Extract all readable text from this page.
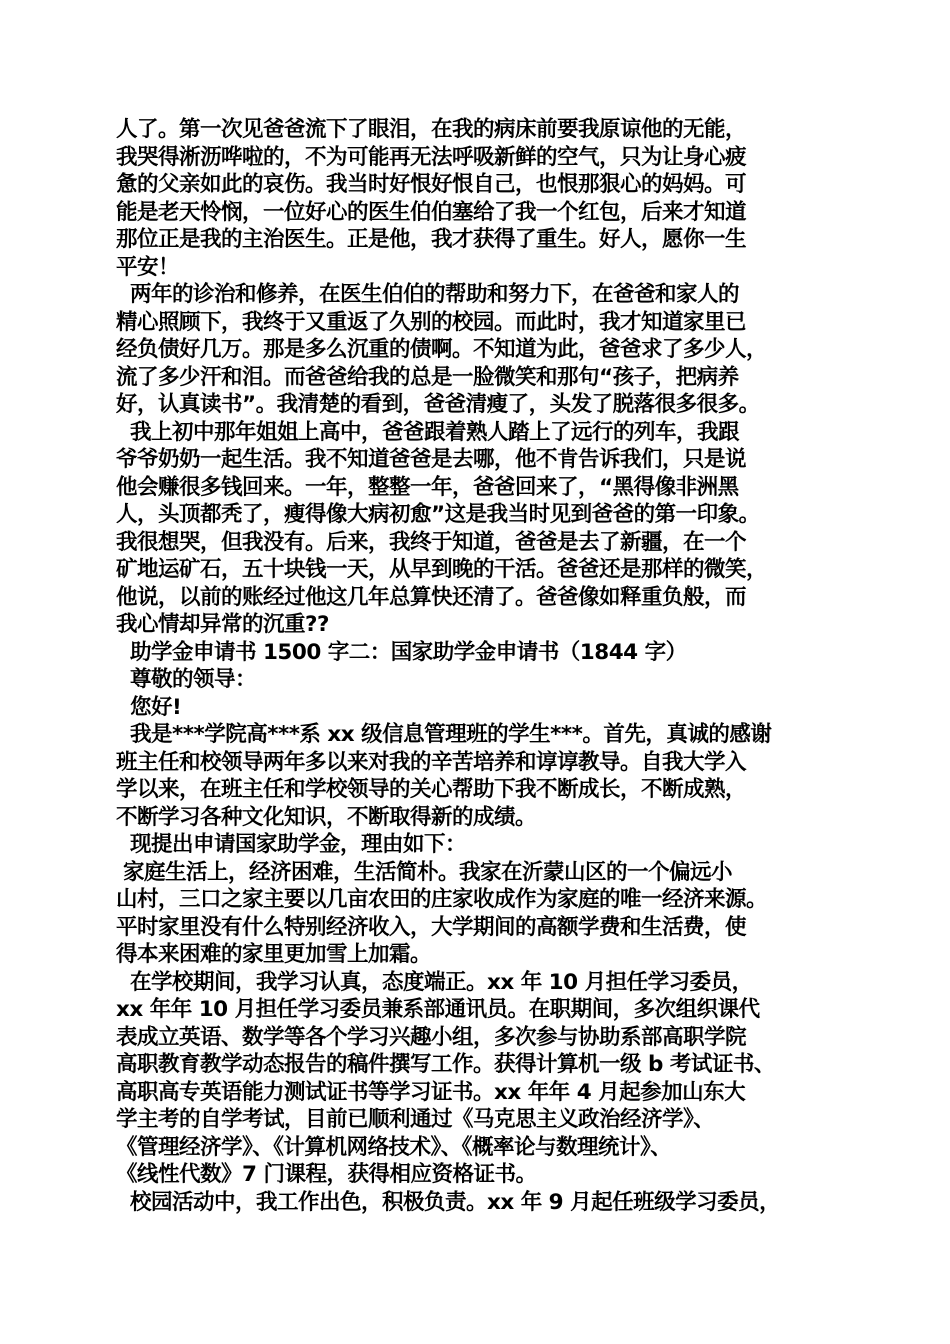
人了。第一次见爸爸流下了眼泪，在我的病床前要我原谅他的无能，
我哭得淅沥哗啦的，不为可能再无法呼吸新鲜的空气，只为让身心疲
惫的父亲如此的哀伤。我当时好恨好恨自己，也恨那狠心的妈妈。可
能是老天怜悯，一位好心的医生伯伯塞给了我一个红包，后来才知道
那位正是我的主治医生。正是他，我才获得了重生。好人，愿你一生
平安！
两年的诊治和修养，在医生伯伯的帮助和努力下，在爸爸和家人的
精心照顾下，我终于又重返了久别的校园。而此时，我才知道家里已
经负债好几万。那是多么沉重的债啊。不知道为此，爸爸求了多少人，
流了多少汗和泪。而爸爸给我的总是一脸微笑和那句“孩子，把病养
好，认真读书”。我清楚的看到，爸爸清瘦了，头发了脱落很多很多。
我上初中那年姐姐上高中，爸爸跟着熟人踏上了远行的列车，我跟
爷爷奶奶一起生活。我不知道爸爸是去哪，他不肯告诉我们，只是说
他会赚很多钱回来。一年，整整一年，爸爸回来了，“黑得像非洲黑
人，头顶都秃了，瘦得像大病初愈”这是我当时见到爸爸的第一印象。
我很想哭，但我没有。后来，我终于知道，爸爸是去了新疆，在一个
矿地运矿石，五十块钱一天，从早到晚的干活。爸爸还是那样的微笑，
他说，以前的账经过他这几年总算快还清了。爸爸像如释重负般，而
我心情却异常的沉重??
助学金申请书 1500 字二：国家助学金申请书（1844 字）
尊敬的领导：
您好!
我是***学院高***系 xx 级信息管理班的学生***。首先，真诚的感谢
班主任和校领导两年多以来对我的辛苦培养和谆谆教导。自我大学入
学以来，在班主任和学校领导的关心帮助下我不断成长，不断成熟，
不断学习各种文化知识，不断取得新的成绩。
现提出申请国家助学金，理由如下：
家庭生活上，经济困难，生活简朴。我家在沂蒙山区的一个偏远小
山村，三口之家主要以几亩农田的庄家收成作为家庭的唯一经济来源。
平时家里没有什么特别经济收入，大学期间的高额学费和生活费，使
得本来困难的家里更加雪上加霜。
在学校期间，我学习认真，态度端正。xx 年 10 月担任学习委员，
xx 年年 10 月担任学习委员兼系部通讯员。在职期间，多次组织课代
表成立英语、数学等各个学习兴趣小组，多次参与协助系部高职学院
高职教育教学动态报告的稿件撰写工作。获得计算机一级 b 考试证书、
高职高专英语能力测试证书等学习证书。xx 年年 4 月起参加山东大
学主考的自学考试，目前已顺利通过《马克思主义政治经济学》、
《管理经济学》、《计算机网络技术》、《概率论与数理统计》、
《线性代数》7 门课程，获得相应资格证书。
校园活动中，我工作出色，积极负责。xx 年 9 月起任班级学习委员，
